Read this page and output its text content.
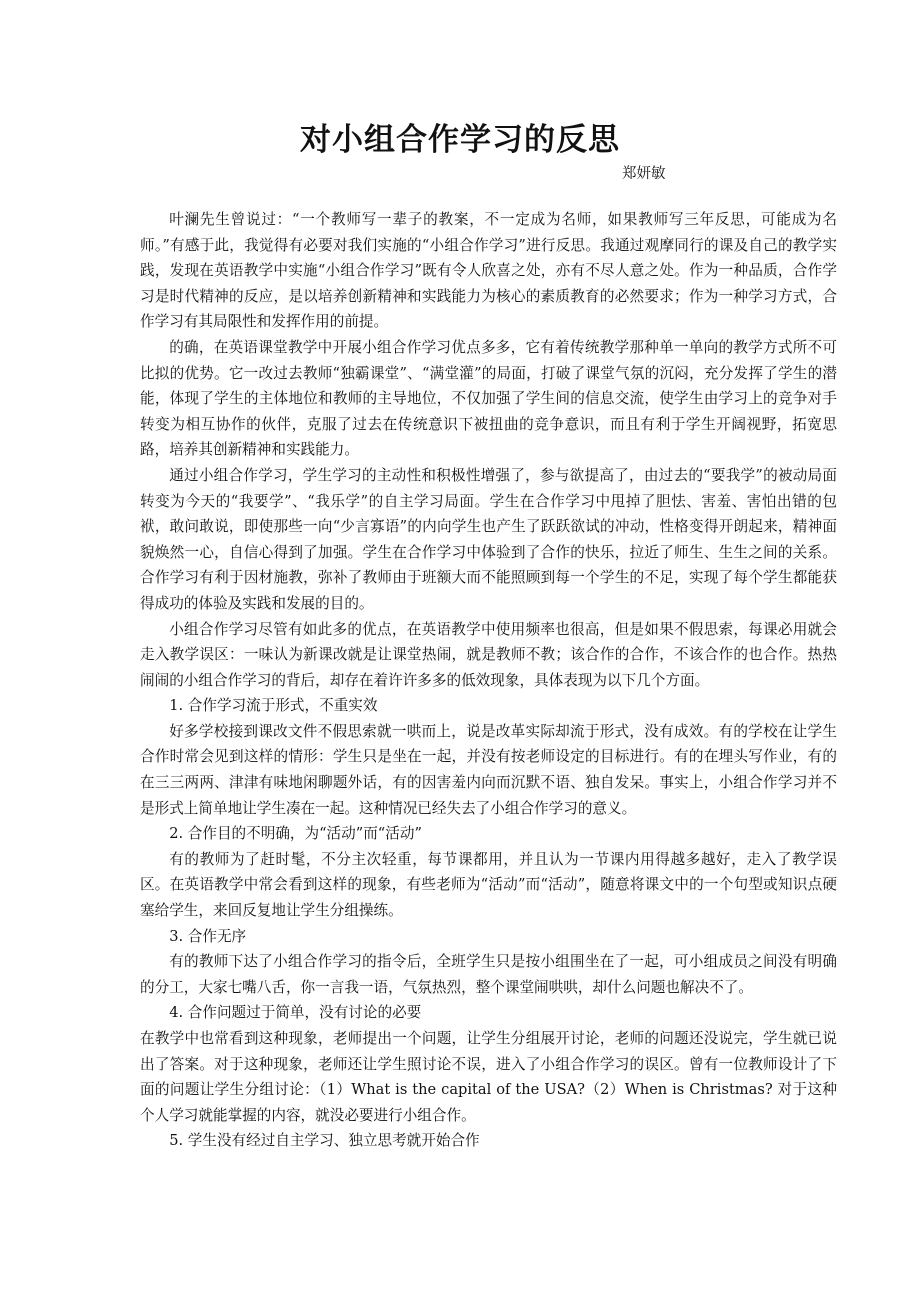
对小组合作学习的反思
郑妍敏

叶澜先生曾说过：“一个教师写一辈子的教案，不一定成为名师，如果教师写三年反思，可能成为名师。”有感于此，我觉得有必要对我们实施的“小组合作学习”进行反思。我通过观摩同行的课及自己的教学实践，发现在英语教学中实施“小组合作学习”既有令人欣喜之处，亦有不尽人意之处。作为一种品质，合作学习是时代精神的反应，是以培养创新精神和实践能力为核心的素质教育的必然要求；作为一种学习方式，合作学习有其局限性和发挥作用的前提。

的确，在英语课堂教学中开展小组合作学习优点多多，它有着传统教学那种单一单向的教学方式所不可比拟的优势。它一改过去教师“独霸课堂”、“满堂灌”的局面，打破了课堂气氛的沉闷，充分发挥了学生的潜能，体现了学生的主体地位和教师的主导地位，不仅加强了学生间的信息交流，使学生由学习上的竞争对手转变为相互协作的伙伴，克服了过去在传统意识下被扭曲的竞争意识，而且有利于学生开阔视野，拓宽思路，培养其创新精神和实践能力。

通过小组合作学习，学生学习的主动性和积极性增强了，参与欲提高了，由过去的“要我学”的被动局面转变为今天的“我要学”、“我乐学”的自主学习局面。学生在合作学习中甩掉了胆怯、害羞、害怕出错的包袱，敢问敢说，即使那些一向“少言寡语”的内向学生也产生了跃跃欲试的冲动，性格变得开朗起来，精神面貌焕然一心，自信心得到了加强。学生在合作学习中体验到了合作的快乐，拉近了师生、生生之间的关系。合作学习有利于因材施教，弥补了教师由于班额大而不能照顾到每一个学生的不足，实现了每个学生都能获得成功的体验及实践和发展的目的。

小组合作学习尽管有如此多的优点，在英语教学中使用频率也很高，但是如果不假思索，每课必用就会走入教学误区：一味认为新课改就是让课堂热闹，就是教师不教；该合作的合作，不该合作的也合作。热热闹闹的小组合作学习的背后，却存在着许许多多的低效现象，具体表现为以下几个方面。

1. 合作学习流于形式，不重实效

好多学校接到课改文件不假思索就一哄而上，说是改革实际却流于形式，没有成效。有的学校在让学生合作时常会见到这样的情形：学生只是坐在一起，并没有按老师设定的目标进行。有的在埋头写作业，有的在三三两两、津津有味地闲聊题外话，有的因害羞内向而沉默不语、独自发呆。事实上，小组合作学习并不是形式上简单地让学生凑在一起。这种情况已经失去了小组合作学习的意义。

2. 合作目的不明确，为“活动”而“活动”

有的教师为了赶时髦，不分主次轻重，每节课都用，并且认为一节课内用得越多越好，走入了教学误区。在英语教学中常会看到这样的现象，有些老师为“活动”而“活动”，随意将课文中的一个句型或知识点硬塞给学生，来回反复地让学生分组操练。

3. 合作无序

有的教师下达了小组合作学习的指令后，全班学生只是按小组围坐在了一起，可小组成员之间没有明确的分工，大家七嘴八舌，你一言我一语，气氛热烈，整个课堂闹哄哄，却什么问题也解决不了。

4. 合作问题过于简单，没有讨论的必要

在教学中也常看到这种现象，老师提出一个问题，让学生分组展开讨论，老师的问题还没说完，学生就已说出了答案。对于这种现象，老师还让学生照讨论不误，进入了小组合作学习的误区。曾有一位教师设计了下面的问题让学生分组讨论：（1）What is the capital of the USA?（2）When is Christmas? 对于这种个人学习就能掌握的内容，就没必要进行小组合作。

5. 学生没有经过自主学习、独立思考就开始合作
